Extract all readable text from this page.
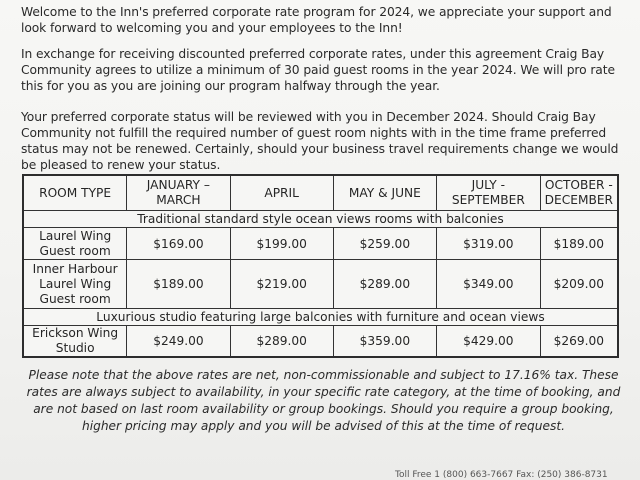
Welcome to the Inn's preferred corporate rate program for 2024, we appreciate your support and look forward to welcoming you and your employees to the Inn!

In exchange for receiving discounted preferred corporate rates, under this agreement Craig Bay Community agrees to utilize a minimum of 30 paid guest rooms in the year 2024. We will pro rate this for you as you are joining our program halfway through the year.

Your preferred corporate status will be reviewed with you in December 2024. Should Craig Bay Community not fulfill the required number of guest room nights with in the time frame preferred status may not be renewed. Certainly, should your business travel requirements change we would be pleased to renew your status.

ROOM TYPE	JANUARY – MARCH	APRIL	MAY & JUNE	JULY - SEPTEMBER	OCTOBER - DECEMBER
Traditional standard style ocean views rooms with balconies					
Laurel Wing Guest room	$169.00	$199.00	$259.00	$319.00	$189.00
Inner Harbour Laurel Wing Guest room	$189.00	$219.00	$289.00	$349.00	$209.00
Luxurious studio featuring large balconies with furniture and ocean views					
Erickson Wing Studio	$249.00	$289.00	$359.00	$429.00	$269.00

Please note that the above rates are net, non-commissionable and subject to 17.16% tax. These rates are always subject to availability, in your specific rate category, at the time of booking, and are not based on last room availability or group bookings. Should you require a group booking, higher pricing may apply and you will be advised of this at the time of request.

Toll Free 1 (800) 663-7667 Fax: (250) 386-8731
